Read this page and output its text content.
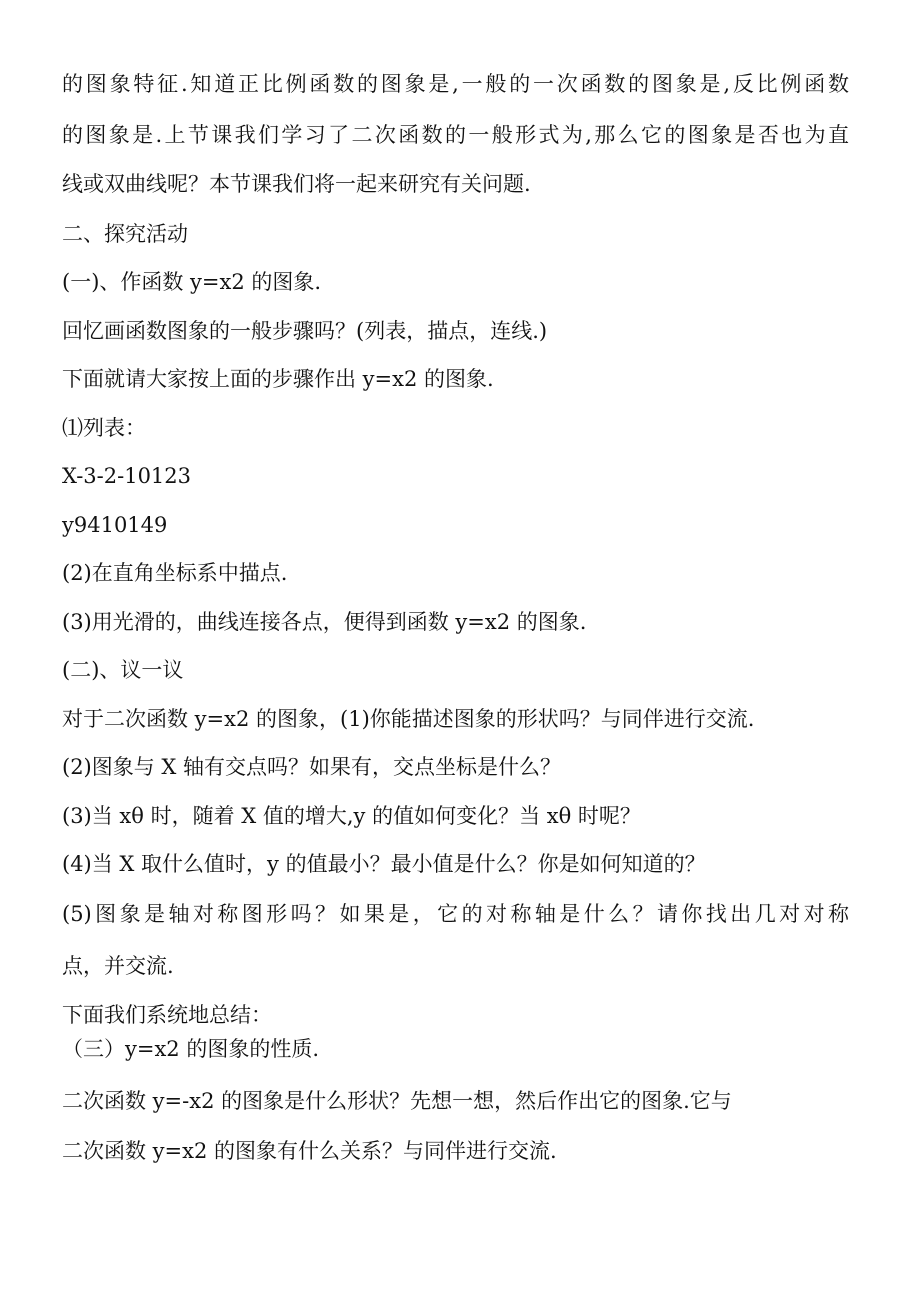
的图象特征.知道正比例函数的图象是,一般的一次函数的图象是,反比例函数
的图象是.上节课我们学习了二次函数的一般形式为,那么它的图象是否也为直
线或双曲线呢？本节课我们将一起来研究有关问题.
二、探究活动
(一)、作函数 y=x2 的图象.
回忆画函数图象的一般步骤吗？(列表，描点，连线.)
下面就请大家按上面的步骤作出 y=x2 的图象.
⑴列表：
X-3-2-10123
y9410149
(2)在直角坐标系中描点.
(3)用光滑的，曲线连接各点，便得到函数 y=x2 的图象.
(二)、议一议
对于二次函数 y=x2 的图象，(1)你能描述图象的形状吗？与同伴进行交流.
(2)图象与 X 轴有交点吗？如果有，交点坐标是什么？
(3)当 xθ 时，随着 X 值的增大,y 的值如何变化？当 xθ 时呢？
(4)当 X 取什么值时，y 的值最小？最小值是什么？你是如何知道的？
(5)图象是轴对称图形吗？如果是，它的对称轴是什么？请你找出几对对称
点，并交流.
下面我们系统地总结：
（三）y=x2 的图象的性质.
二次函数 y=-x2 的图象是什么形状？先想一想，然后作出它的图象.它与
二次函数 y=x2 的图象有什么关系？与同伴进行交流.
